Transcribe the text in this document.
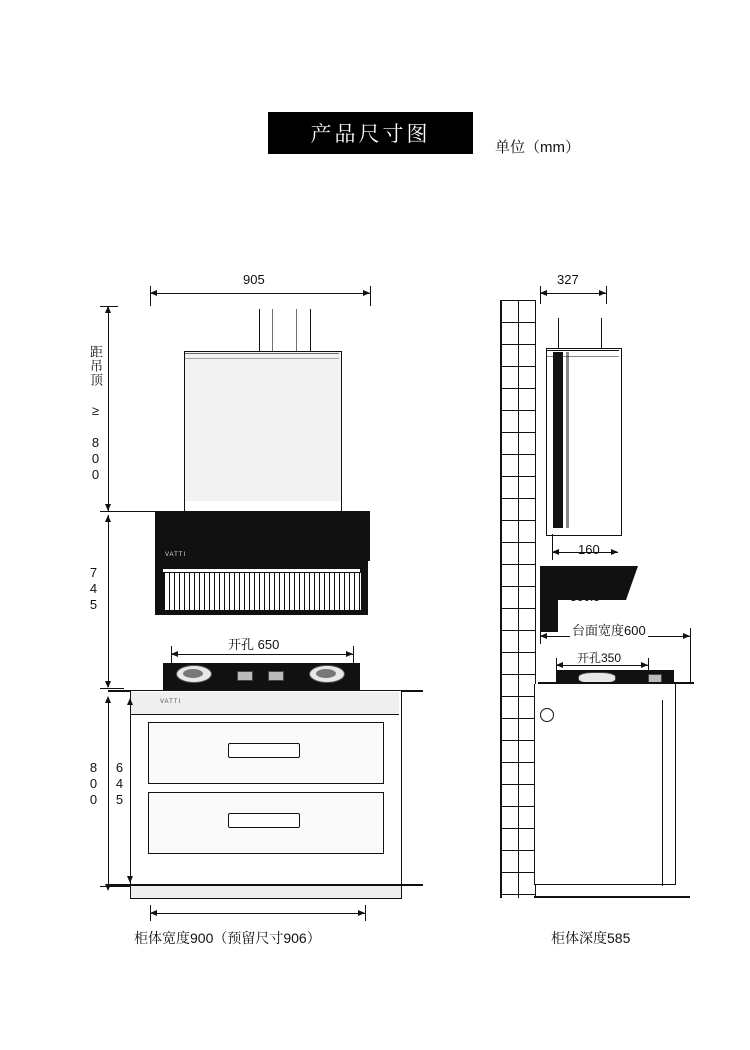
产品尺寸图
单位（mm）
905
距吊顶 ≥ 800
745
VATTI
开孔 650
VATTI
645
800
柜体宽度900（预留尺寸906）
327
160
360.5
台面宽度600
开孔350
柜体深度585
